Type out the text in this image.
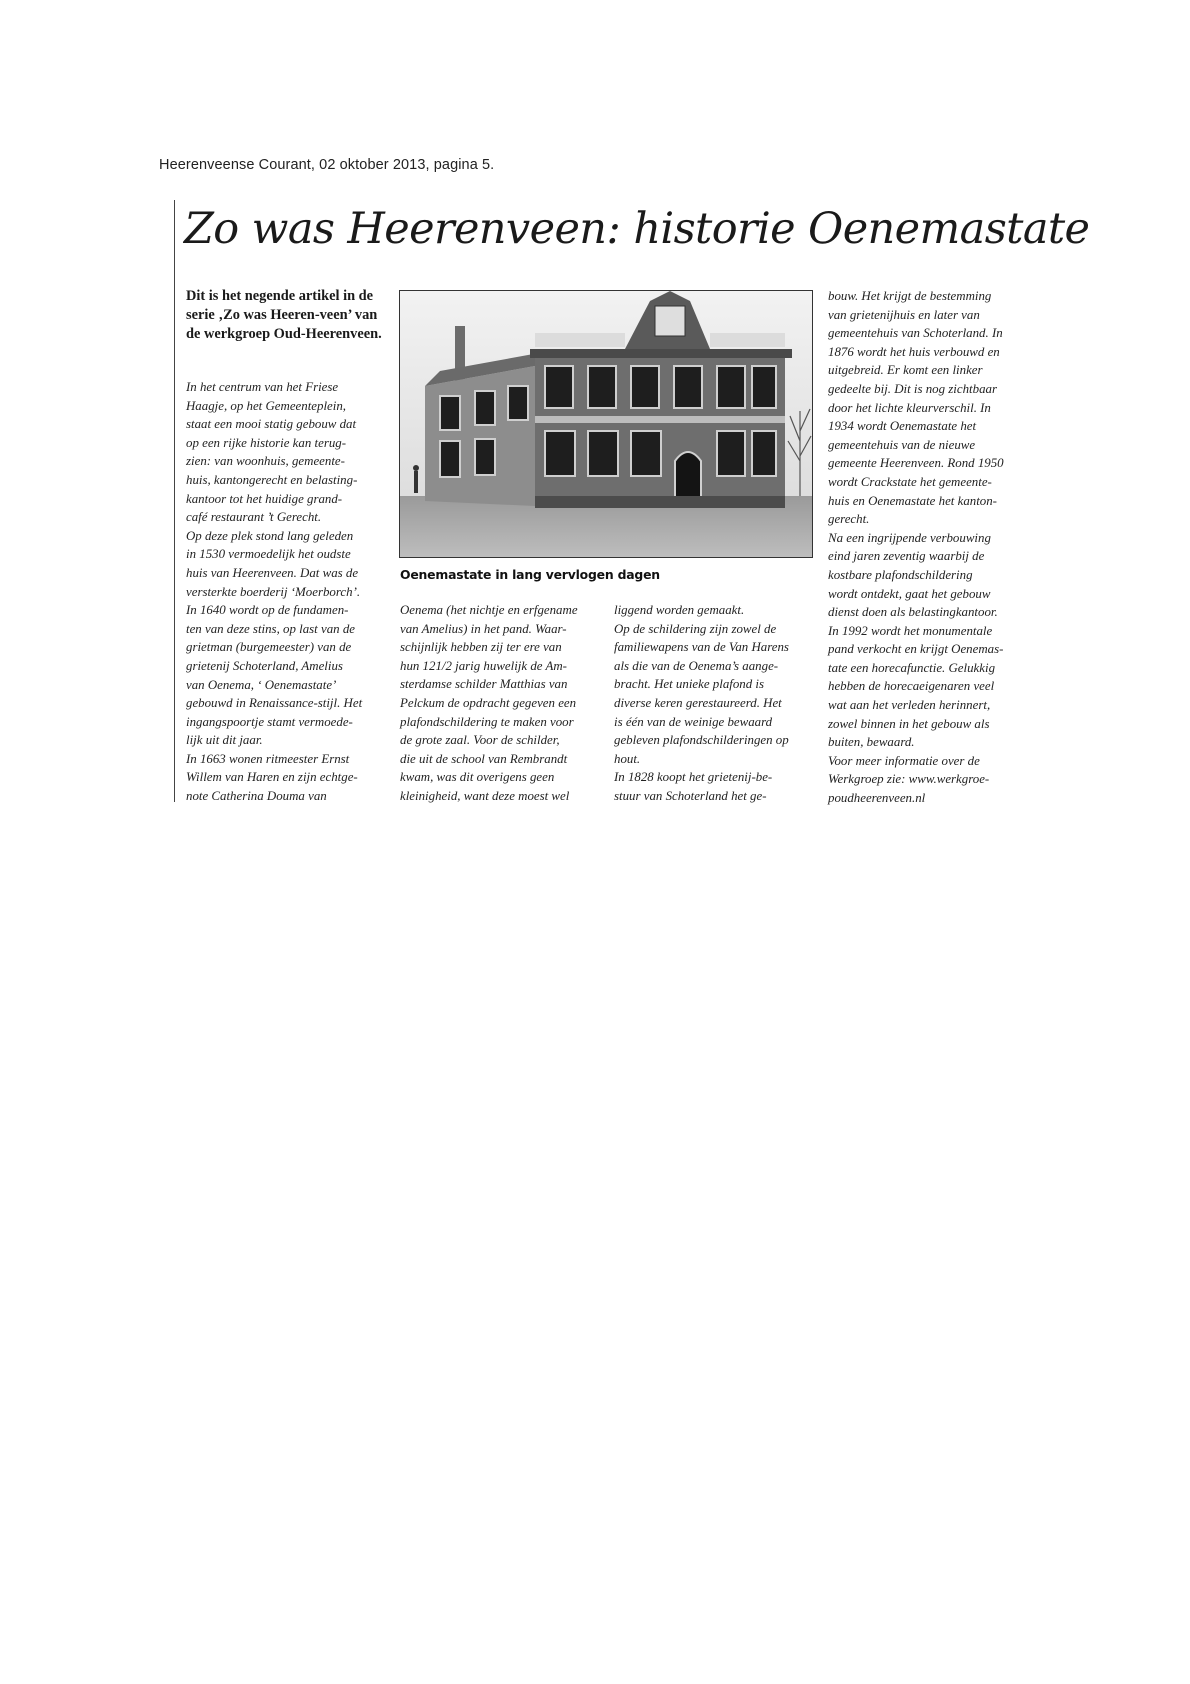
Heerenveense Courant, 02 oktober 2013, pagina 5.
Zo was Heerenveen: historie Oenemastate
Dit is het negende artikel in de serie ‚Zo was Heeren-veen’ van de werkgroep Oud-Heerenveen.
Oenemastate in lang vervlogen dagen

In het centrum van het Friese

Haagje, op het Gemeenteplein,

staat een mooi statig gebouw dat

op een rijke historie kan terug-

zien: van woonhuis, gemeente-

huis, kantongerecht en belasting-

kantoor tot het huidige grand-

café restaurant ’t Gerecht.

Op deze plek stond lang geleden

in 1530 vermoedelijk het oudste

huis van Heerenveen. Dat was de

versterkte boerderij ‘Moerborch’.

In 1640 wordt op de fundamen-

ten van deze stins, op last van de

grietman (burgemeester) van de

grietenij Schoterland, Amelius

van Oenema, ‘ Oenemastate’

gebouwd in Renaissance-stijl. Het

ingangspoortje stamt vermoede-

lijk uit dit jaar.

In 1663 wonen ritmeester Ernst

Willem van Haren en zijn echtge-

note Catherina Douma van

Oenema (het nichtje en erfgename

van Amelius) in het pand. Waar-

schijnlijk hebben zij ter ere van

hun 121/2 jarig huwelijk de Am-

sterdamse schilder Matthias van

Pelckum de opdracht gegeven een

plafondschildering te maken voor

de grote zaal. Voor de schilder,

die uit de school van Rembrandt

kwam, was dit overigens geen

kleinigheid, want deze moest wel

liggend worden gemaakt.

Op de schildering zijn zowel de

familiewapens van de Van Harens

als die van de Oenema’s aange-

bracht. Het unieke plafond is

diverse keren gerestaureerd. Het

is één van de weinige bewaard

gebleven plafondschilderingen op

hout.

In 1828 koopt het grietenij-be-

stuur van Schoterland het ge-

bouw. Het krijgt de bestemming

van grietenijhuis en later van

gemeentehuis van Schoterland. In

1876 wordt het huis verbouwd en

uitgebreid. Er komt een linker

gedeelte bij. Dit is nog zichtbaar

door het lichte kleurverschil. In

1934 wordt Oenemastate het

gemeentehuis van de nieuwe

gemeente Heerenveen. Rond 1950

wordt Crackstate het gemeente-

huis en Oenemastate het kanton-

gerecht.

Na een ingrijpende verbouwing

eind jaren zeventig waarbij de

kostbare plafondschildering

wordt ontdekt, gaat het gebouw

dienst doen als belastingkantoor.

In 1992 wordt het monumentale

pand verkocht en krijgt Oenemas-

tate een horecafunctie. Gelukkig

hebben de horecaeigenaren veel

wat aan het verleden herinnert,

zowel binnen in het gebouw als

buiten, bewaard.

Voor meer informatie over de

Werkgroep zie: www.werkgroe-

poudheerenveen.nl
